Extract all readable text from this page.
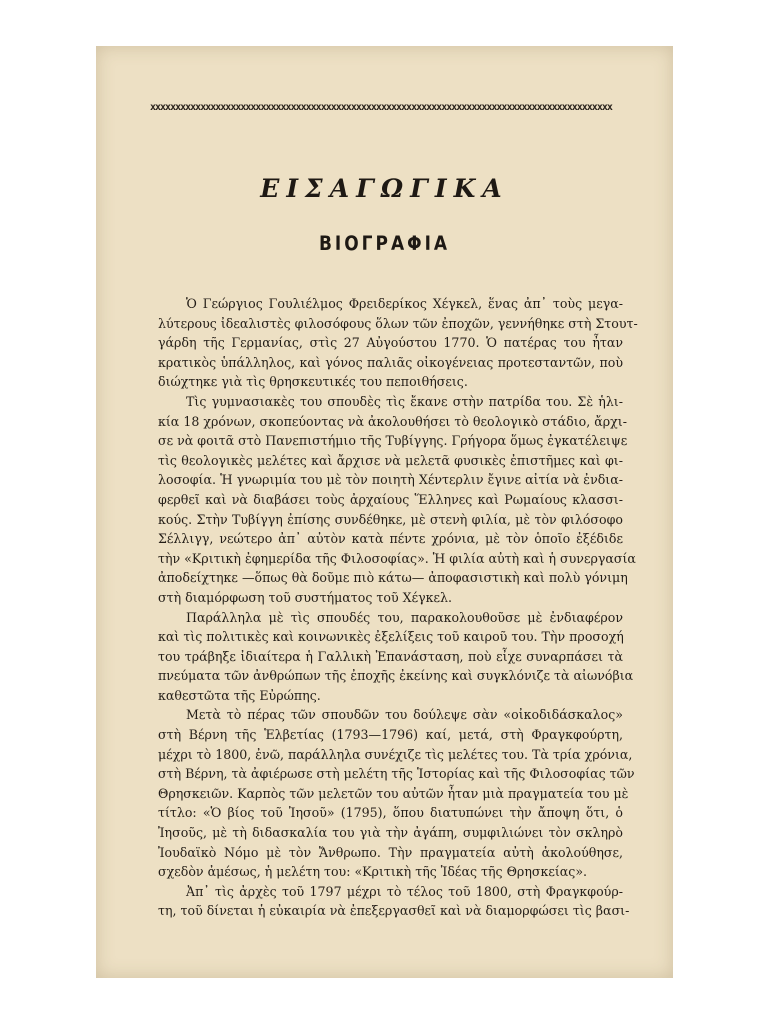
xxxxxxxxxxxxxxxxxxxxxxxxxxxxxxxxxxxxxxxxxxxxxxxxxxxxxxxxxxxxxxxxxxxxxxxxxxxxxxxxxxxxxxxxxxxx
ΕΙΣΑΓΩΓΙΚΑ
ΒΙΟΓΡΑΦΙΑ
Ὁ Γεώργιος Γουλιέλμος Φρειδερίκος Χέγκελ, ἕνας ἀπ᾿ τοὺς μεγα-
λύτερους ἰδεαλιστὲς φιλοσόφους ὅλων τῶν ἐποχῶν, γεννήθηκε στὴ Στουτ-
γάρδη τῆς Γερμανίας, στὶς 27 Αὐγούστου 1770. Ὁ πατέρας του ἦταν
κρατικὸς ὑπάλληλος, καὶ γόνος παλιᾶς οἰκογένειας προτεσταντῶν, ποὺ
διώχτηκε γιὰ τὶς θρησκευτικές του πεποιθήσεις.
Τὶς γυμνασιακὲς του σπουδὲς τὶς ἔκανε στὴν πατρίδα του. Σὲ ἡλι-
κία 18 χρόνων, σκοπεύοντας νὰ ἀκολουθήσει τὸ θεολογικὸ στάδιο, ἄρχι-
σε νὰ φοιτᾶ στὸ Πανεπιστήμιο τῆς Τυβίγγης. Γρήγορα ὅμως ἐγκατέλειψε
τὶς θεολογικὲς μελέτες καὶ ἄρχισε νὰ μελετᾶ φυσικὲς ἐπιστῆμες καὶ φι-
λοσοφία. Ἡ γνωριμία του μὲ τὸν ποιητὴ Χέντερλιν ἔγινε αἰτία νὰ ἐνδια-
φερθεῖ καὶ νὰ διαβάσει τοὺς ἀρχαίους Ἕλληνες καὶ Ρωμαίους κλασσι-
κούς. Στὴν Τυβίγγη ἐπίσης συνδέθηκε, μὲ στενὴ φιλία, μὲ τὸν φιλόσοφο
Σέλλιγγ, νεώτερο ἀπ᾿ αὐτὸν κατὰ πέντε χρόνια, μὲ τὸν ὁποῖο ἐξέδιδε
τὴν «Κριτικὴ ἐφημερίδα τῆς Φιλοσοφίας». Ἡ φιλία αὐτὴ καὶ ἡ συνεργασία
ἀποδείχτηκε —ὅπως θὰ δοῦμε πιὸ κάτω— ἀποφασιστικὴ καὶ πολὺ γόνιμη
στὴ διαμόρφωση τοῦ συστήματος τοῦ Χέγκελ.
Παράλληλα μὲ τὶς σπουδές του, παρακολουθοῦσε μὲ ἐνδιαφέρον
καὶ τὶς πολιτικὲς καὶ κοινωνικὲς ἐξελίξεις τοῦ καιροῦ του. Τὴν προσοχή
του τράβηξε ἰδιαίτερα ἡ Γαλλικὴ Ἐπανάσταση, ποὺ εἶχε συναρπάσει τὰ
πνεύματα τῶν ἀνθρώπων τῆς ἐποχῆς ἐκείνης καὶ συγκλόνιζε τὰ αἰωνόβια
καθεστῶτα τῆς Εὐρώπης.
Μετὰ τὸ πέρας τῶν σπουδῶν του δούλεψε σὰν «οἰκοδιδάσκαλος»
στὴ Βέρνη τῆς Ἑλβετίας (1793—1796) καί, μετά, στὴ Φραγκφούρτη,
μέχρι τὸ 1800, ἐνῶ, παράλληλα συνέχιζε τὶς μελέτες του. Τὰ τρία χρόνια,
στὴ Βέρνη, τὰ ἀφιέρωσε στὴ μελέτη τῆς Ἱστορίας καὶ τῆς Φιλοσοφίας τῶν
Θρησκειῶν. Καρπὸς τῶν μελετῶν του αὐτῶν ἦταν μιὰ πραγματεία του μὲ
τίτλο: «Ὁ βίος τοῦ Ἰησοῦ» (1795), ὅπου διατυπώνει τὴν ἄποψη ὅτι, ὁ
Ἰησοῦς, μὲ τὴ διδασκαλία του γιὰ τὴν ἀγάπη, συμφιλιώνει τὸν σκληρὸ
Ἰουδαϊκὸ Νόμο μὲ τὸν Ἄνθρωπο. Τὴν πραγματεία αὐτὴ ἀκολούθησε,
σχεδὸν ἀμέσως, ἡ μελέτη του: «Κριτικὴ τῆς Ἰδέας τῆς Θρησκείας».
Ἀπ᾿ τὶς ἀρχὲς τοῦ 1797 μέχρι τὸ τέλος τοῦ 1800, στὴ Φραγκφούρ-
τη, τοῦ δίνεται ἡ εὐκαιρία νὰ ἐπεξεργασθεῖ καὶ νὰ διαμορφώσει τὶς βασι-
